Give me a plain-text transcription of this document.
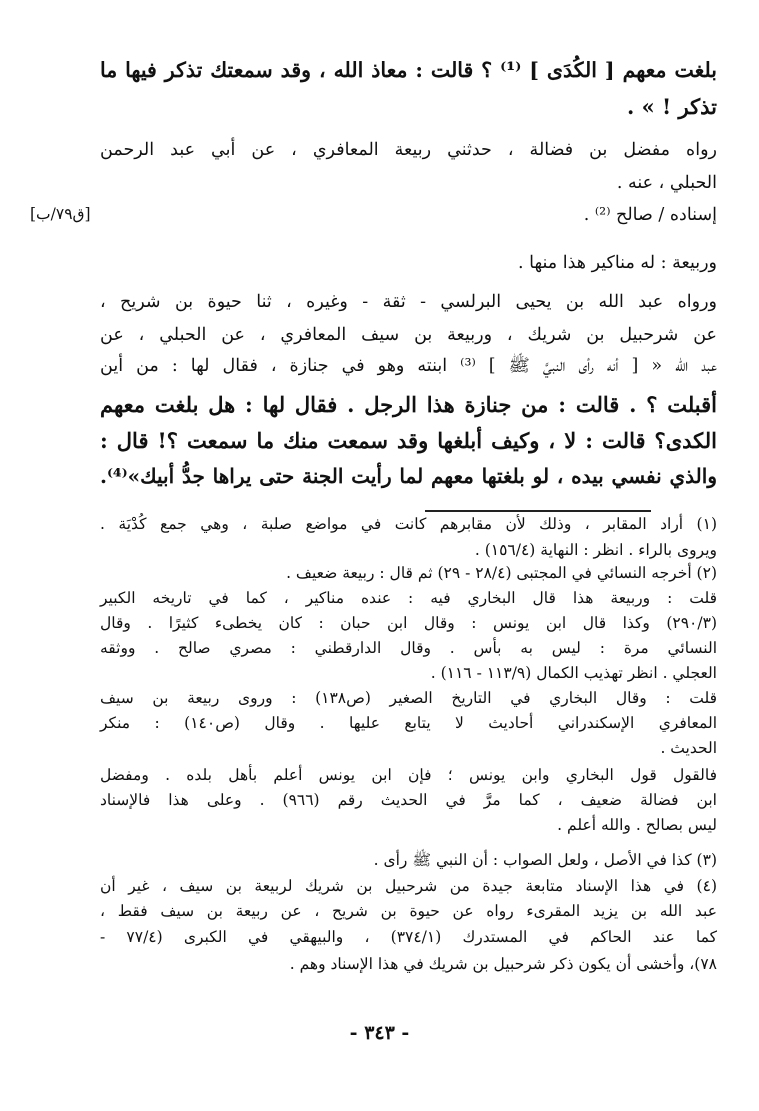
بلغت معهم [ الكُدَى ] ⁽¹⁾ ؟ قالت : معاذ الله ، وقد سمعتك تذكر فيها ما
تذكر ! » .
رواه مفضل بن فضالة ، حدثني ربيعة المعافري ، عن أبي عبد الرحمن
الحبلي ، عنه .
إسناده / صالح ⁽²⁾ .
[ق٧٩/ب]
وربيعة : له مناكير هذا منها .
ورواه عبد الله بن يحيى البرلسي - ثقة - وغيره ، ثنا حيوة بن شريح ،
عن شرحبيل بن شريك ، وربيعة بن سيف المعافري ، عن الحبلي ، عن
عبد الله « [ أنه رأى النبيَّ ﷺ ] ⁽³⁾ ابنته وهو في جنازة ، فقال لها : من أين
أقبلت ؟ . قالت : من جنازة هذا الرجل . فقال لها : هل بلغت معهم
الكدى؟ قالت : لا ، وكيف أبلغها وقد سمعت منك ما سمعت ؟! قال :
والذي نفسي بيده ، لو بلغتها معهم لما رأيت الجنة حتى يراها جدُّ أبيك»⁽⁴⁾.
(١) أراد المقابر ، وذلك لأن مقابرهم كانت في مواضع صلبة ، وهي جمع كُدْيَة .
ويروى بالراء . انظر : النهاية (١٥٦/٤) .
(٢) أخرجه النسائي في المجتبى (٢٨/٤ - ٢٩) ثم قال : ربيعة ضعيف .
قلت : وربيعة هذا قال البخاري فيه : عنده مناكير ، كما في تاريخه الكبير
(٢٩٠/٣) وكذا قال ابن يونس : وقال ابن حبان : كان يخطىء كثيرًا . وقال
النسائي مرة : ليس به بأس . وقال الدارقطني : مصري صالح . ووثقه
العجلي . انظر تهذيب الكمال (١١٣/٩ - ١١٦) .
قلت : وقال البخاري في التاريخ الصغير (ص١٣٨) : وروى ربيعة بن سيف
المعافري الإسكندراني أحاديث لا يتابع عليها . وقال (ص١٤٠) : منكر
الحديث .
فالقول قول البخاري وابن يونس ؛ فإن ابن يونس أعلم بأهل بلده . ومفضل
ابن فضالة ضعيف ، كما مرَّ في الحديث رقم (٩٦٦) . وعلى هذا فالإسناد
ليس بصالح . والله أعلم .
(٣) كذا في الأصل ، ولعل الصواب : أن النبي ﷺ رأى .
(٤) في هذا الإسناد متابعة جيدة من شرحبيل بن شريك لربيعة بن سيف ، غير أن
عبد الله بن يزيد المقرىء رواه عن حيوة بن شريح ، عن ربيعة بن سيف فقط ،
كما عند الحاكم في المستدرك (٣٧٤/١) ، والبيهقي في الكبرى (٧٧/٤ -
٧٨)، وأخشى أن يكون ذكر شرحبيل بن شريك في هذا الإسناد وهم .
- ٣٤٣ -
